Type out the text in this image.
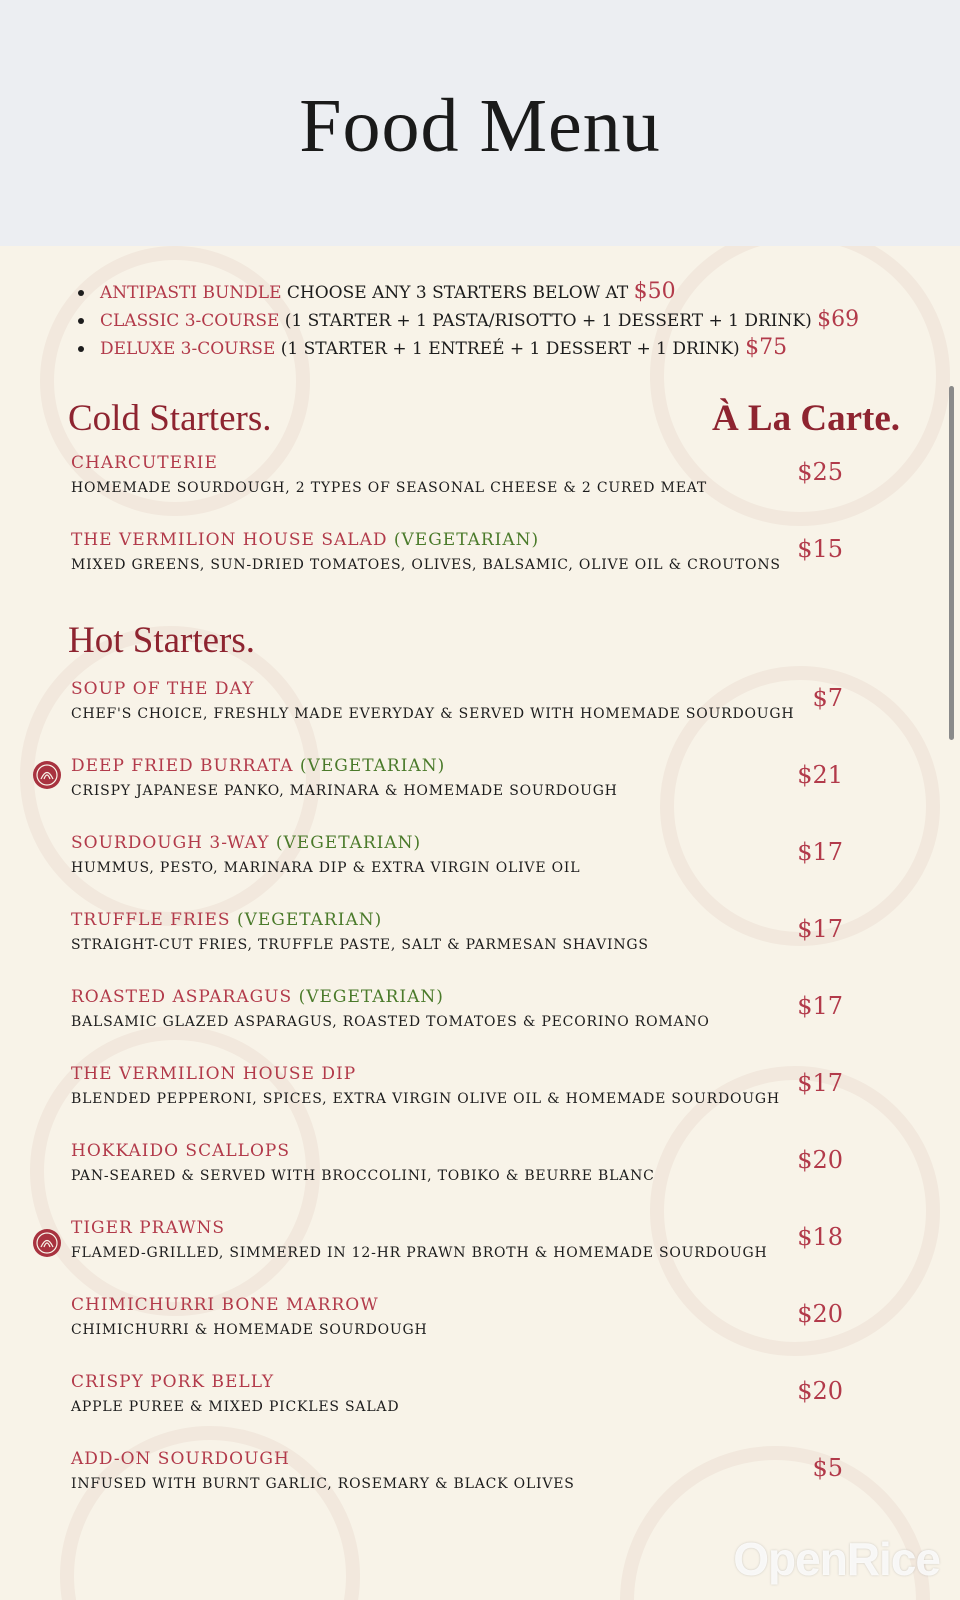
Food Menu
ANTIPASTI BUNDLE CHOOSE ANY 3 STARTERS BELOW AT $50
CLASSIC 3-COURSE (1 STARTER + 1 PASTA/RISOTTO + 1 DESSERT + 1 DRINK) $69
DELUXE 3-COURSE (1 STARTER + 1 ENTREÉ + 1 DESSERT + 1 DRINK) $75
Cold Starters.	À La Carte.
CHARCUTERIE
HOMEMADE SOURDOUGH, 2 TYPES OF SEASONAL CHEESE & 2 CURED MEAT
$25
THE VERMILION HOUSE SALAD (VEGETARIAN)
MIXED GREENS, SUN-DRIED TOMATOES, OLIVES, BALSAMIC, OLIVE OIL & CROUTONS
$15
Hot Starters.
SOUP OF THE DAY
CHEF'S CHOICE, FRESHLY MADE EVERYDAY & SERVED WITH HOMEMADE SOURDOUGH
$7
DEEP FRIED BURRATA (VEGETARIAN)
CRISPY JAPANESE PANKO, MARINARA & HOMEMADE SOURDOUGH
$21
SOURDOUGH 3-WAY (VEGETARIAN)
HUMMUS, PESTO, MARINARA DIP & EXTRA VIRGIN OLIVE OIL
$17
TRUFFLE FRIES (VEGETARIAN)
STRAIGHT-CUT FRIES, TRUFFLE PASTE, SALT & PARMESAN SHAVINGS
$17
ROASTED ASPARAGUS (VEGETARIAN)
BALSAMIC GLAZED ASPARAGUS, ROASTED TOMATOES & PECORINO ROMANO
$17
THE VERMILION HOUSE DIP
BLENDED PEPPERONI, SPICES, EXTRA VIRGIN OLIVE OIL & HOMEMADE SOURDOUGH
$17
HOKKAIDO SCALLOPS
PAN-SEARED & SERVED WITH BROCCOLINI, TOBIKO & BEURRE BLANC
$20
TIGER PRAWNS
FLAMED-GRILLED, SIMMERED IN 12-HR PRAWN BROTH & HOMEMADE SOURDOUGH
$18
CHIMICHURRI BONE MARROW
CHIMICHURRI & HOMEMADE SOURDOUGH
$20
CRISPY PORK BELLY
APPLE PUREE & MIXED PICKLES SALAD
$20
ADD-ON SOURDOUGH
INFUSED WITH BURNT GARLIC, ROSEMARY & BLACK OLIVES
$5
OpenRice
